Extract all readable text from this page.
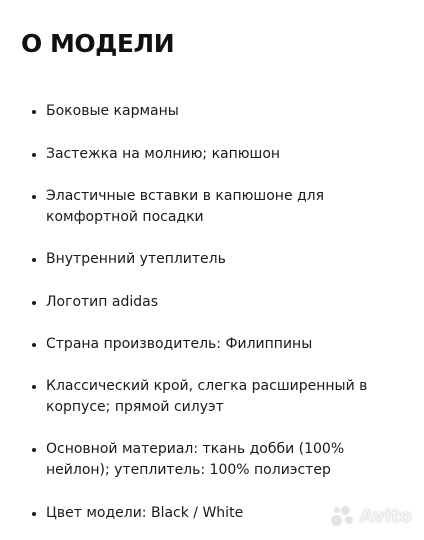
О МОДЕЛИ
Боковые карманы
Застежка на молнию; капюшон
Эластичные вставки в капюшоне для комфортной посадки
Внутренний утеплитель
Логотип adidas
Страна производитель: Филиппины
Классический крой, слегка расширенный в корпусе; прямой силуэт
Основной материал: ткань добби (100% нейлон); утеплитель: 100% полиэстер
Цвет модели: Black / White	Avito
